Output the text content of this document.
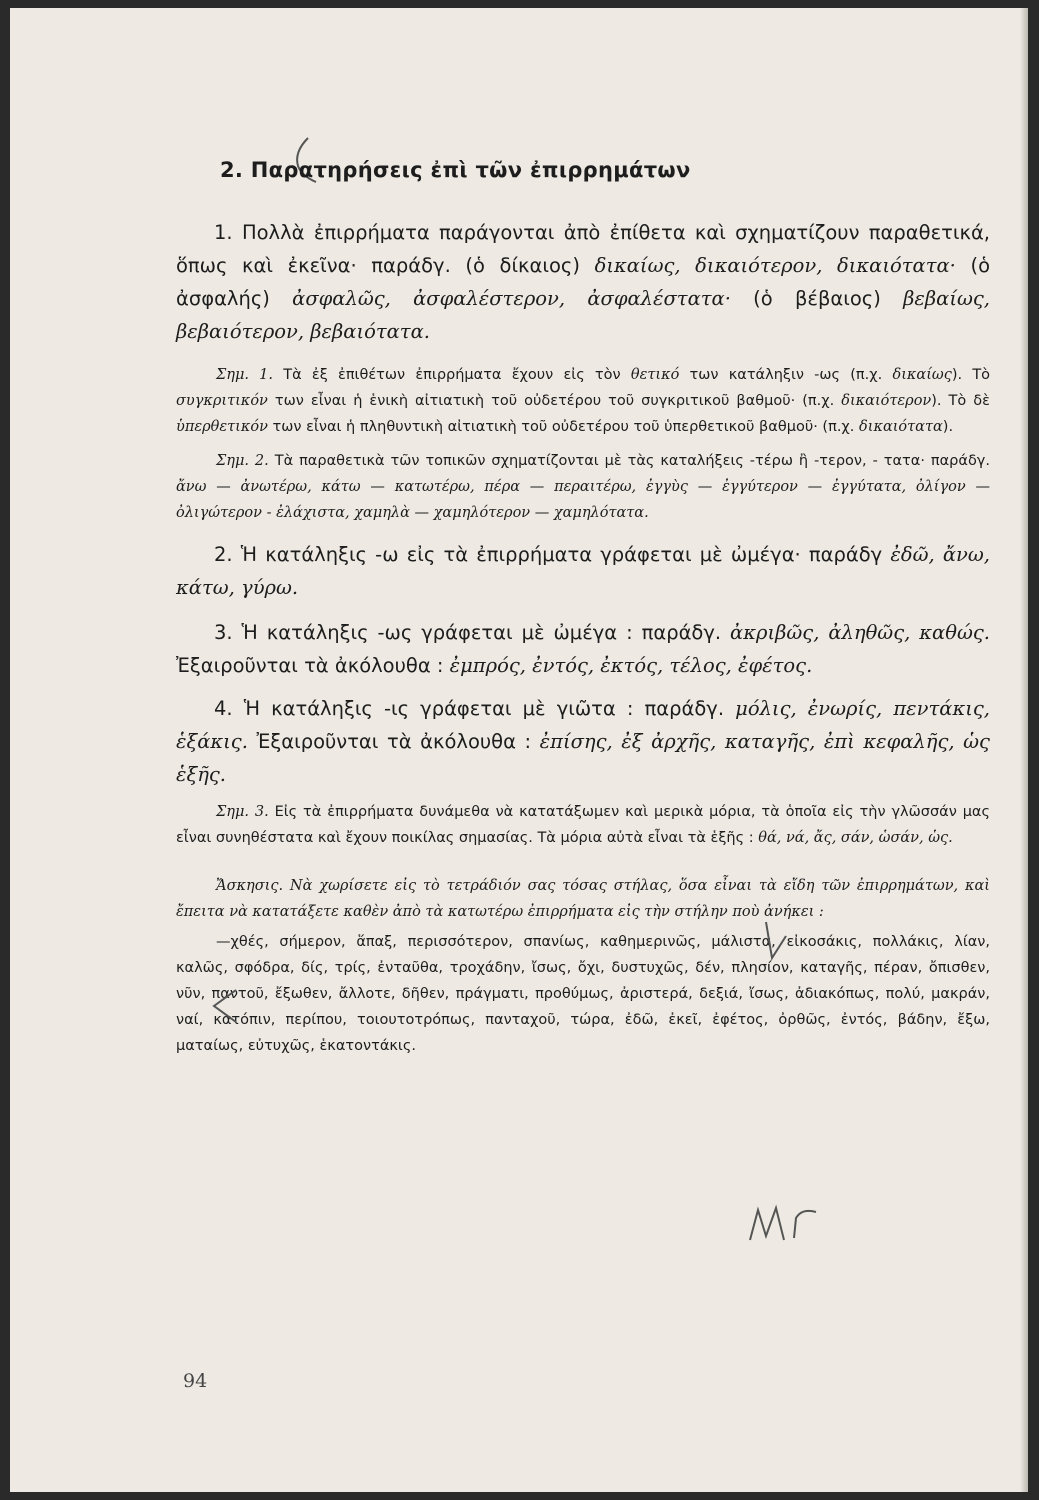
2. Παρατηρήσεις ἐπὶ τῶν ἐπιρρημάτων

1. Πολλὰ ἐπιρρήματα παράγονται ἀπὸ ἐπίθετα καὶ σχηματίζουν παραθετικά, ὅπως καὶ ἐκεῖνα· παράδγ. (ὁ δίκαιος) δικαίως, δικαιότερον, δικαιότατα· (ὁ ἀσφαλής) ἀσφαλῶς, ἀσφαλέστερον, ἀσφαλέστατα· (ὁ βέβαιος) βεβαίως, βεβαιότερον, βεβαιότατα.

Σημ. 1. Τὰ ἐξ ἐπιθέτων ἐπιρρήματα ἔχουν εἰς τὸν θετικό των κατάληξιν -ως (π.χ. δικαίως). Τὸ συγκριτικόν των εἶναι ἡ ἑνικὴ αἰτιατικὴ τοῦ οὐδετέρου τοῦ συγκριτικοῦ βαθμοῦ· (π.χ. δικαιότερον). Τὸ δὲ ὑπερθετικόν των εἶναι ἡ πληθυντικὴ αἰτιατικὴ τοῦ οὐδετέρου τοῦ ὑπερθετικοῦ βαθμοῦ· (π.χ. δικαιότατα).

Σημ. 2. Τὰ παραθετικὰ τῶν τοπικῶν σχηματίζονται μὲ τὰς καταλήξεις -τέρω ἢ -τερον, - τατα· παράδγ. ἄνω — ἀνωτέρω, κάτω — κατωτέρω, πέρα — περαιτέρω, ἐγγὺς — ἐγγύτερον — ἐγγύτατα, ὀλίγον — ὀλιγώτερον - ἐλάχιστα, χαμηλὰ — χαμηλότερον — χαμηλότατα.

2. Ἡ κατάληξις -ω εἰς τὰ ἐπιρρήματα γράφεται μὲ ὠμέγα· παράδγ ἐδῶ, ἄνω, κάτω, γύρω.

3. Ἡ κατάληξις -ως γράφεται μὲ ὠμέγα : παράδγ. ἀκριβῶς, ἀληθῶς, καθώς. Ἐξαιροῦνται τὰ ἀκόλουθα : ἐμπρός, ἐντός, ἐκτός, τέλος, ἐφέτος.

4. Ἡ κατάληξις -ις γράφεται μὲ γιῶτα : παράδγ. μόλις, ἐνωρίς, πεντάκις, ἑξάκις. Ἐξαιροῦνται τὰ ἀκόλουθα : ἐπίσης, ἐξ ἀρχῆς, καταγῆς, ἐπὶ κεφαλῆς, ὡς ἑξῆς.

Σημ. 3. Εἰς τὰ ἐπιρρήματα δυνάμεθα νὰ κατατάξωμεν καὶ μερικὰ μόρια, τὰ ὁποῖα εἰς τὴν γλῶσσάν μας εἶναι συνηθέστατα καὶ ἔχουν ποικίλας σημασίας. Τὰ μόρια αὐτὰ εἶναι τὰ ἑξῆς : θά, νά, ἄς, σάν, ὡσάν, ὡς.

Ἄσκησις. Νὰ χωρίσετε εἰς τὸ τετράδιόν σας τόσας στήλας, ὅσα εἶναι τὰ εἴδη τῶν ἐπιρρημάτων, καὶ ἔπειτα νὰ κατατάξετε καθὲν ἀπὸ τὰ κατωτέρω ἐπιρρήματα εἰς τὴν στήλην ποὺ ἀνήκει :

—χθές, σήμερον, ἅπαξ, περισσότερον, σπανίως, καθημερινῶς, μάλιστα, εἰκοσάκις, πολλάκις, λίαν, καλῶς, σφόδρα, δίς, τρίς, ἐνταῦθα, τροχάδην, ἴσως, ὄχι, δυστυχῶς, δέν, πλησίον, καταγῆς, πέραν, ὄπισθεν, νῦν, παντοῦ, ἔξωθεν, ἄλλοτε, δῆθεν, πράγματι, προθύμως, ἀριστερά, δεξιά, ἴσως, ἀδιακόπως, πολύ, μακράν, ναί, κατόπιν, περίπου, τοιουτοτρόπως, πανταχοῦ, τώρα, ἐδῶ, ἐκεῖ, ἐφέτος, ὀρθῶς, ἐντός, βάδην, ἔξω, ματαίως, εὐτυχῶς, ἑκατοντάκις.

94
